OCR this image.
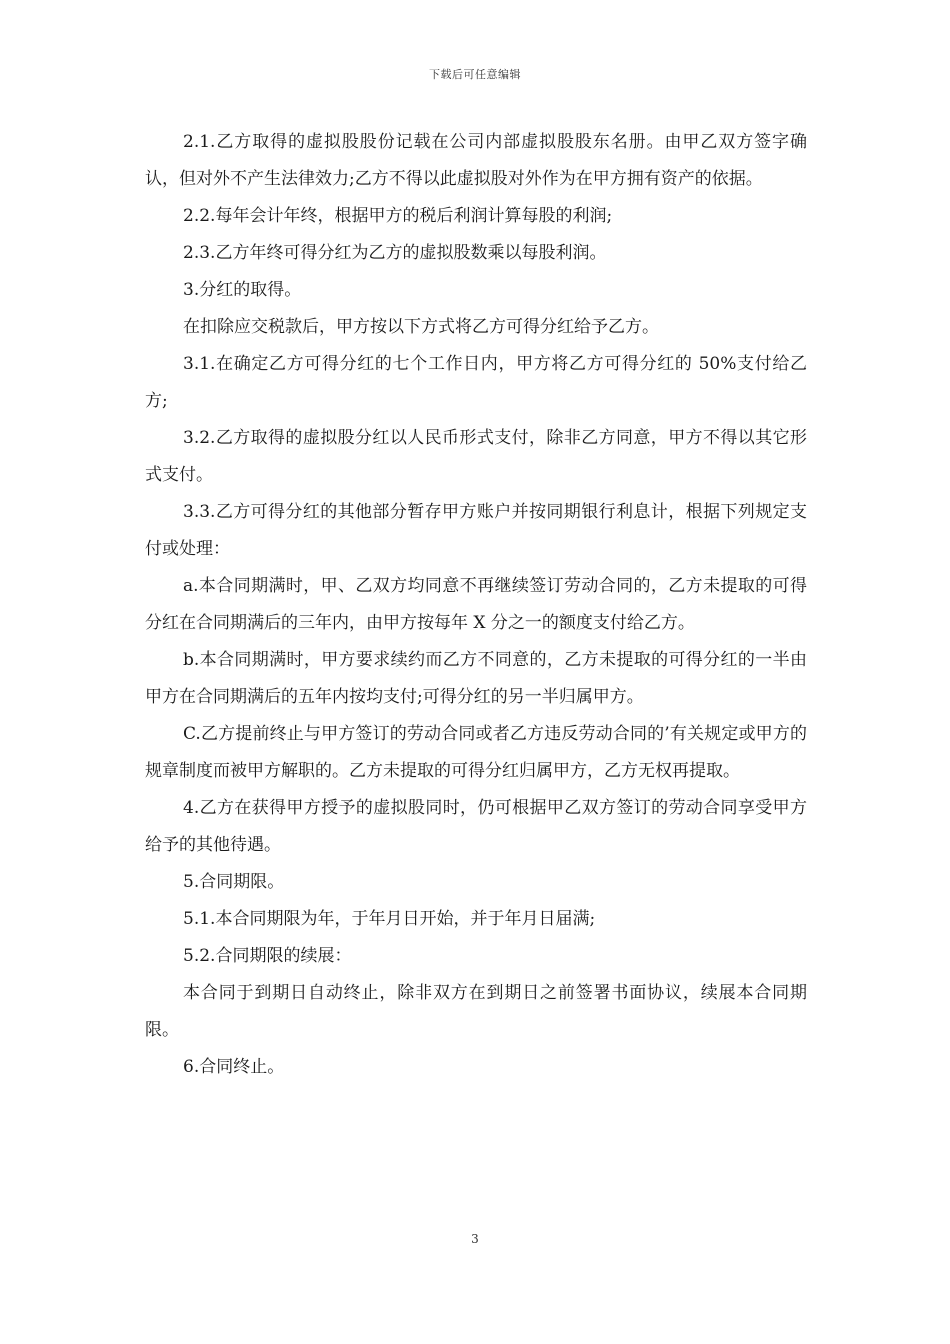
下载后可任意编辑

2.1.乙方取得的虚拟股股份记载在公司内部虚拟股股东名册。由甲乙双方签字确认，但对外不产生法律效力;乙方不得以此虚拟股对外作为在甲方拥有资产的依据。

2.2.每年会计年终，根据甲方的税后利润计算每股的利润;

2.3.乙方年终可得分红为乙方的虚拟股数乘以每股利润。

3.分红的取得。

在扣除应交税款后，甲方按以下方式将乙方可得分红给予乙方。

3.1.在确定乙方可得分红的七个工作日内，甲方将乙方可得分红的 50%支付给乙方;

3.2.乙方取得的虚拟股分红以人民币形式支付，除非乙方同意，甲方不得以其它形式支付。

3.3.乙方可得分红的其他部分暂存甲方账户并按同期银行利息计，根据下列规定支付或处理：

a.本合同期满时，甲、乙双方均同意不再继续签订劳动合同的，乙方未提取的可得分红在合同期满后的三年内，由甲方按每年 X 分之一的额度支付给乙方。

b.本合同期满时，甲方要求续约而乙方不同意的，乙方未提取的可得分红的一半由甲方在合同期满后的五年内按均支付;可得分红的另一半归属甲方。

C.乙方提前终止与甲方签订的劳动合同或者乙方违反劳动合同的’有关规定或甲方的规章制度而被甲方解职的。乙方未提取的可得分红归属甲方，乙方无权再提取。

4.乙方在获得甲方授予的虚拟股同时，仍可根据甲乙双方签订的劳动合同享受甲方给予的其他待遇。

5.合同期限。

5.1.本合同期限为年，于年月日开始，并于年月日届满;

5.2.合同期限的续展：

本合同于到期日自动终止，除非双方在到期日之前签署书面协议，续展本合同期限。

6.合同终止。

3
